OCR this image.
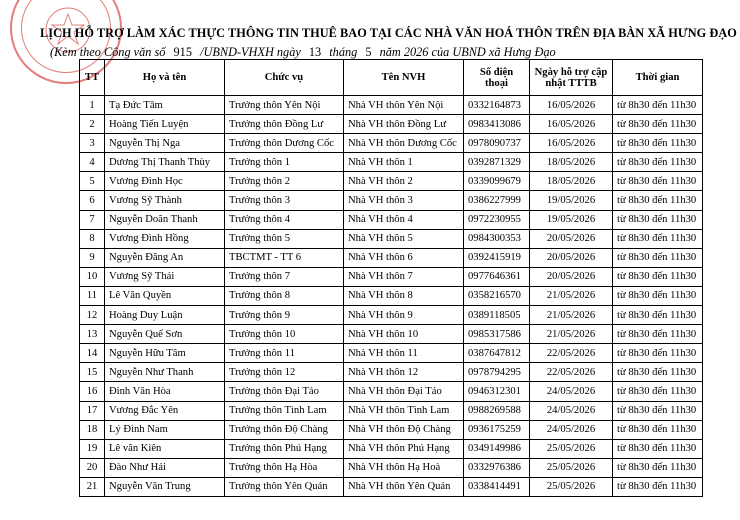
LỊCH HỖ TRỢ LÀM XÁC THỰC THÔNG TIN THUÊ BAO TẠI CÁC NHÀ VĂN HOÁ THÔN TRÊN ĐỊA BÀN XÃ HƯNG ĐẠO
(Kèm theo Công văn số 915 /UBND-VHXH ngày 13 tháng 5 năm 2026 của UBND xã Hưng Đạo
TT	Họ và tên	Chức vụ	Tên NVH	Số điện thoại	Ngày hỗ trợ cập nhật TTTB	Thời gian
1	Tạ Đức Tâm	Trưởng thôn Yên Nội	Nhà VH thôn Yên Nội	0332164873	16/05/2026	từ 8h30 đến 11h30
2	Hoàng Tiến Luyện	Trưởng thôn Đồng Lư	Nhà VH thôn Đồng Lư	0983413086	16/05/2026	từ 8h30 đến 11h30
3	Nguyễn Thị Nga	Trưởng thôn Dương Cốc	Nhà VH thôn Dương Cốc	0978090737	16/05/2026	từ 8h30 đến 11h30
4	Dương Thị Thanh Thùy	Trưởng thôn 1	Nhà VH thôn 1	0392871329	18/05/2026	từ 8h30 đến 11h30
5	Vương Đình Học	Trưởng thôn 2	Nhà VH thôn 2	0339099679	18/05/2026	từ 8h30 đến 11h30
6	Vương Sỹ Thành	Trưởng thôn 3	Nhà VH thôn 3	0386227999	19/05/2026	từ 8h30 đến 11h30
7	Nguyễn Doãn Thanh	Trưởng thôn 4	Nhà VH thôn 4	0972230955	19/05/2026	từ 8h30 đến 11h30
8	Vương Đình Hồng	Trưởng thôn 5	Nhà VH thôn 5	0984300353	20/05/2026	từ 8h30 đến 11h30
9	Nguyễn Đăng An	TBCTMT - TT 6	Nhà VH thôn 6	0392415919	20/05/2026	từ 8h30 đến 11h30
10	Vương Sỹ Thái	Trưởng thôn 7	Nhà VH thôn 7	0977646361	20/05/2026	từ 8h30 đến 11h30
11	Lê Văn Quyền	Trưởng thôn 8	Nhà VH thôn 8	0358216570	21/05/2026	từ 8h30 đến 11h30
12	Hoàng Duy Luận	Trưởng thôn 9	Nhà VH thôn 9	0389118505	21/05/2026	từ 8h30 đến 11h30
13	Nguyễn Quế Sơn	Trưởng thôn 10	Nhà VH thôn 10	0985317586	21/05/2026	từ 8h30 đến 11h30
14	Nguyễn Hữu Tâm	Trưởng thôn 11	Nhà VH thôn 11	0387647812	22/05/2026	từ 8h30 đến 11h30
15	Nguyễn Như Thanh	Trưởng thôn 12	Nhà VH thôn 12	0978794295	22/05/2026	từ 8h30 đến 11h30
16	Đinh Văn Hòa	Trưởng thôn Đại Tảo	Nhà VH thôn Đại Tảo	0946312301	24/05/2026	từ 8h30 đến 11h30
17	Vương Đắc Yên	Trưởng thôn Tình Lam	Nhà VH thôn Tình Lam	0988269588	24/05/2026	từ 8h30 đến 11h30
18	Lý Đình Nam	Trưởng thôn Độ Chàng	Nhà VH thôn Độ Chàng	0936175259	24/05/2026	từ 8h30 đến 11h30
19	Lê văn Kiên	Trưởng thôn Phú Hạng	Nhà VH thôn Phú Hạng	0349149986	25/05/2026	từ 8h30 đến 11h30
20	Đào Như Hải	Trưởng thôn Hạ Hòa	Nhà VH thôn Hạ Hoà	0332976386	25/05/2026	từ 8h30 đến 11h30
21	Nguyễn Văn Trung	Trưởng thôn Yên Quán	Nhà VH thôn Yên Quán	0338414491	25/05/2026	từ 8h30 đến 11h30
